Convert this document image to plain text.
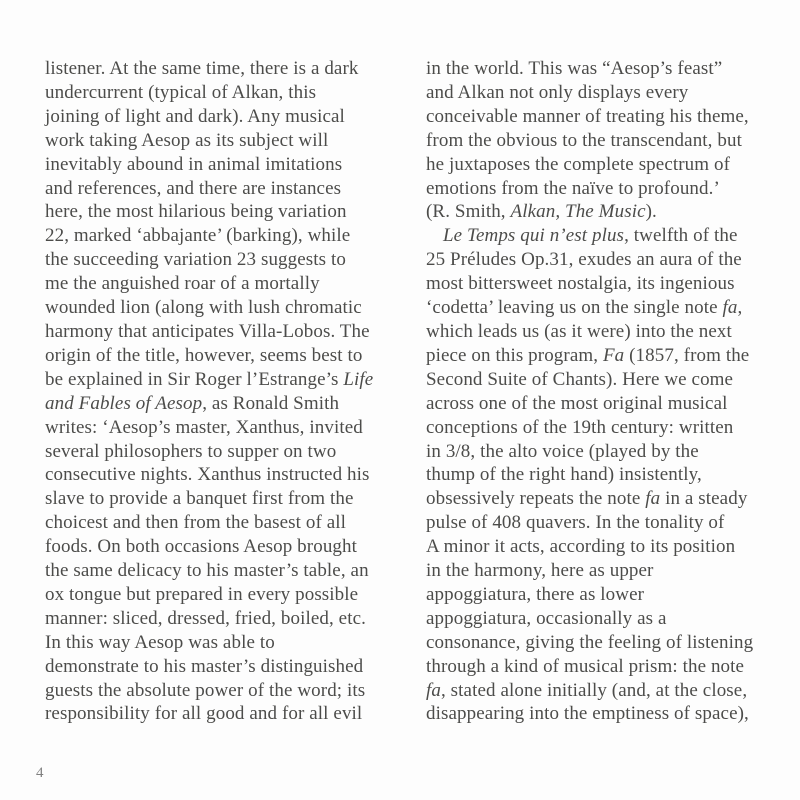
listener. At the same time, there is a dark
undercurrent (typical of Alkan, this
joining of light and dark). Any musical
work taking Aesop as its subject will
inevitably abound in animal imitations
and references, and there are instances
here, the most hilarious being variation
22, marked ‘abbajante’ (barking), while
the succeeding variation 23 suggests to
me the anguished roar of a mortally
wounded lion (along with lush chromatic
harmony that anticipates Villa-Lobos. The
origin of the title, however, seems best to
be explained in Sir Roger l’Estrange’s Life
and Fables of Aesop, as Ronald Smith
writes: ‘Aesop’s master, Xanthus, invited
several philosophers to supper on two
consecutive nights. Xanthus instructed his
slave to provide a banquet first from the
choicest and then from the basest of all
foods. On both occasions Aesop brought
the same delicacy to his master’s table, an
ox tongue but prepared in every possible
manner: sliced, dressed, fried, boiled, etc.
In this way Aesop was able to
demonstrate to his master’s distinguished
guests the absolute power of the word; its
responsibility for all good and for all evil
in the world. This was “Aesop’s feast”
and Alkan not only displays every
conceivable manner of treating his theme,
from the obvious to the transcendant, but
he juxtaposes the complete spectrum of
emotions from the naïve to profound.’
(R. Smith, Alkan, The Music).
Le Temps qui n’est plus, twelfth of the
25 Préludes Op.31, exudes an aura of the
most bittersweet nostalgia, its ingenious
‘codetta’ leaving us on the single note fa,
which leads us (as it were) into the next
piece on this program, Fa (1857, from the
Second Suite of Chants). Here we come
across one of the most original musical
conceptions of the 19th century: written
in 3/8, the alto voice (played by the
thump of the right hand) insistently,
obsessively repeats the note fa in a steady
pulse of 408 quavers. In the tonality of
A minor it acts, according to its position
in the harmony, here as upper
appoggiatura, there as lower
appoggiatura, occasionally as a
consonance, giving the feeling of listening
through a kind of musical prism: the note
fa, stated alone initially (and, at the close,
disappearing into the emptiness of space),
4
